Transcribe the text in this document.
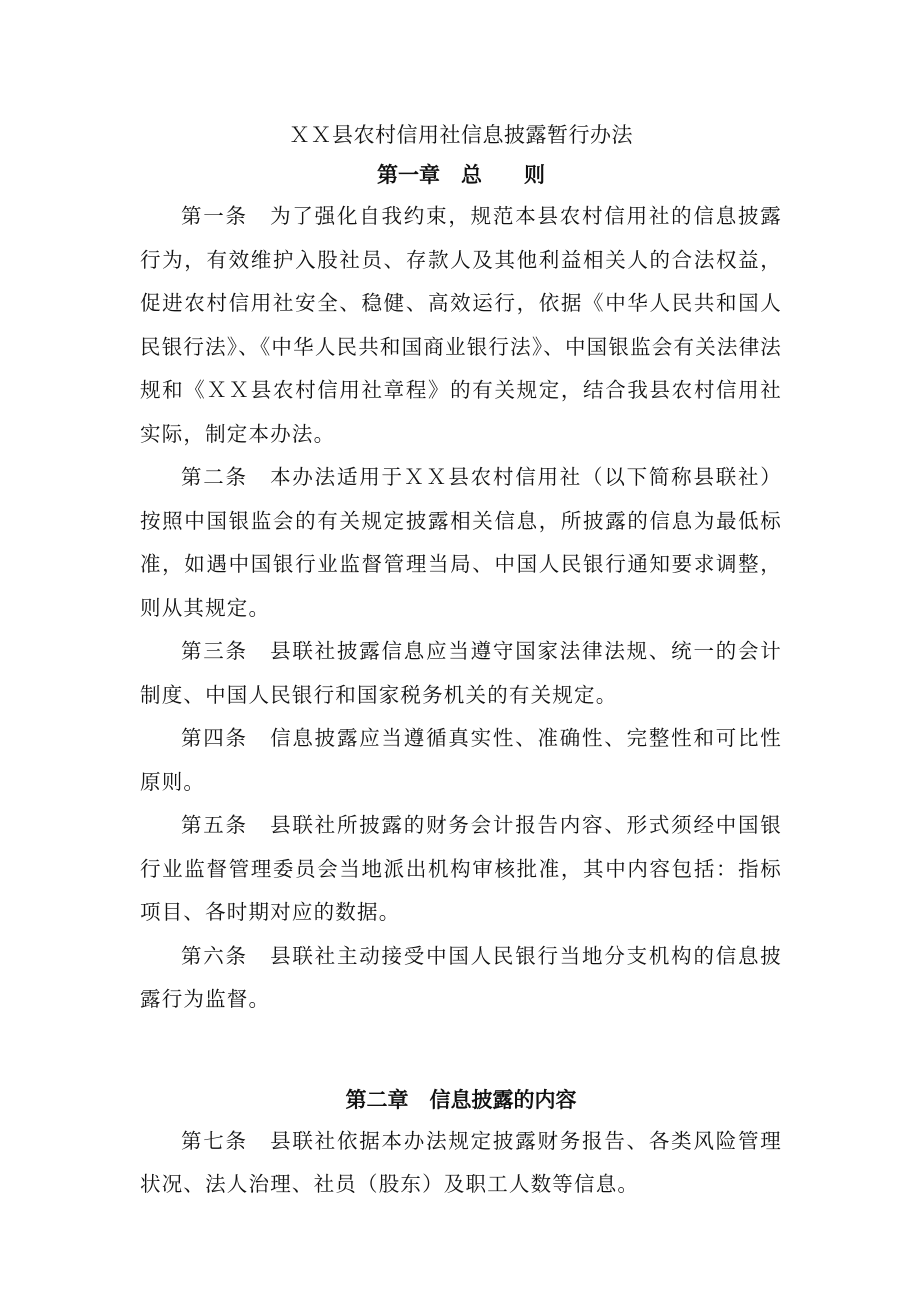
ＸＸ县农村信用社信息披露暂行办法
第一章　总　　则

第一条　为了强化自我约束，规范本县农村信用社的信息披露行为，有效维护入股社员、存款人及其他利益相关人的合法权益，促进农村信用社安全、稳健、高效运行，依据《中华人民共和国人民银行法》、《中华人民共和国商业银行法》、中国银监会有关法律法规和《ＸＸ县农村信用社章程》的有关规定，结合我县农村信用社实际，制定本办法。

第二条　本办法适用于ＸＸ县农村信用社（以下简称县联社）按照中国银监会的有关规定披露相关信息，所披露的信息为最低标准，如遇中国银行业监督管理当局、中国人民银行通知要求调整，则从其规定。

第三条　县联社披露信息应当遵守国家法律法规、统一的会计制度、中国人民银行和国家税务机关的有关规定。

第四条　信息披露应当遵循真实性、准确性、完整性和可比性原则。

第五条　县联社所披露的财务会计报告内容、形式须经中国银行业监督管理委员会当地派出机构审核批准，其中内容包括：指标项目、各时期对应的数据。

第六条　县联社主动接受中国人民银行当地分支机构的信息披露行为监督。

第二章　信息披露的内容

第七条　县联社依据本办法规定披露财务报告、各类风险管理状况、法人治理、社员（股东）及职工人数等信息。
